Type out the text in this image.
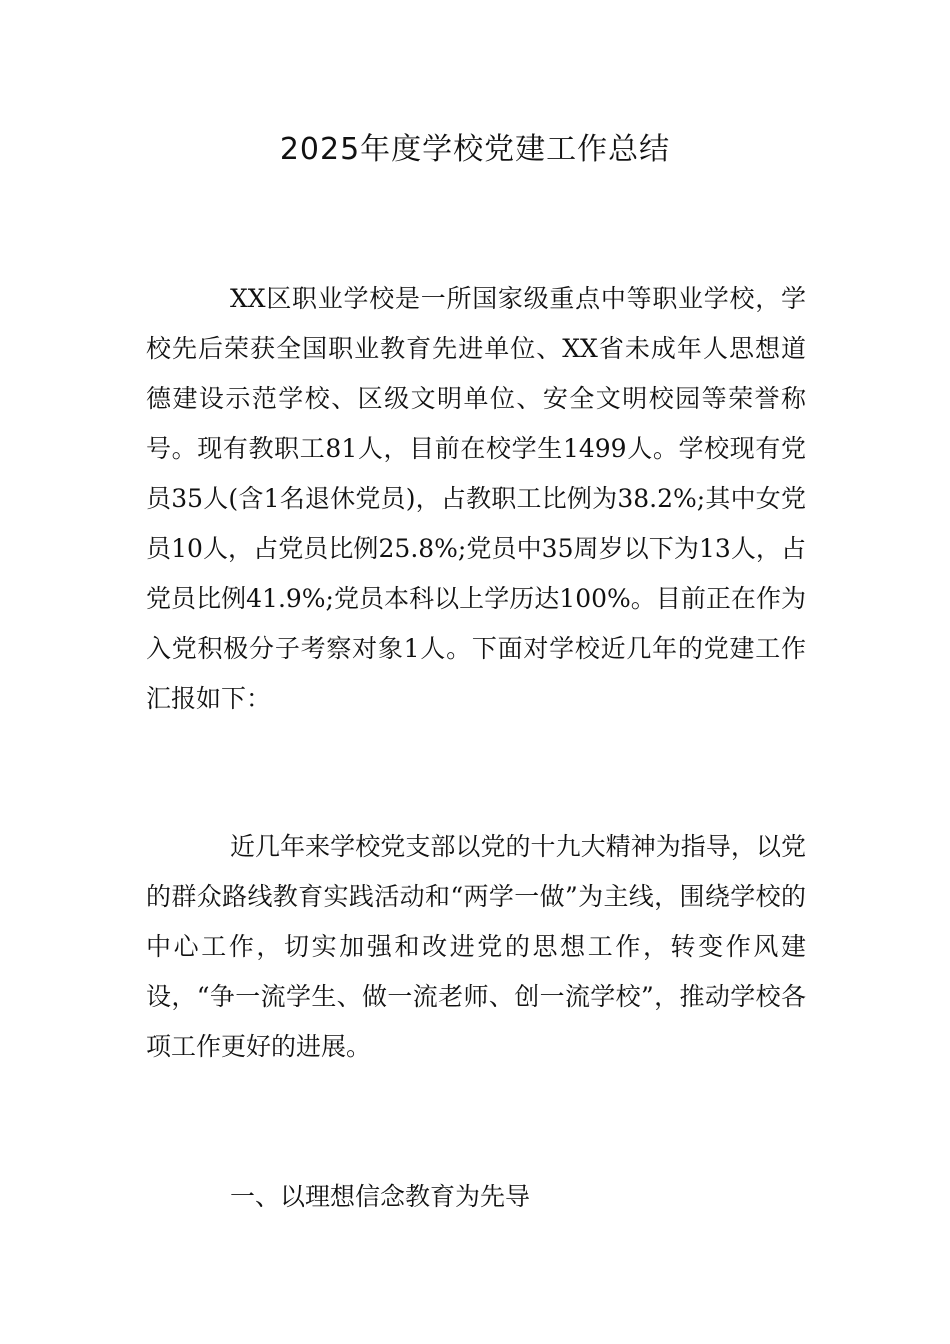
2025年度学校党建工作总结

XX区职业学校是一所国家级重点中等职业学校，学校先后荣获全国职业教育先进单位、XX省未成年人思想道德建设示范学校、区级文明单位、安全文明校园等荣誉称号。现有教职工81人，目前在校学生1499人。学校现有党员35人(含1名退休党员)，占教职工比例为38.2%;其中女党员10人，占党员比例25.8%;党员中35周岁以下为13人，占党员比例41.9%;党员本科以上学历达100%。目前正在作为入党积极分子考察对象1人。下面对学校近几年的党建工作汇报如下：

近几年来学校党支部以党的十九大精神为指导，以党的群众路线教育实践活动和“两学一做”为主线，围绕学校的中心工作，切实加强和改进党的思想工作，转变作风建设，“争一流学生、做一流老师、创一流学校”，推动学校各项工作更好的进展。

一、以理想信念教育为先导
